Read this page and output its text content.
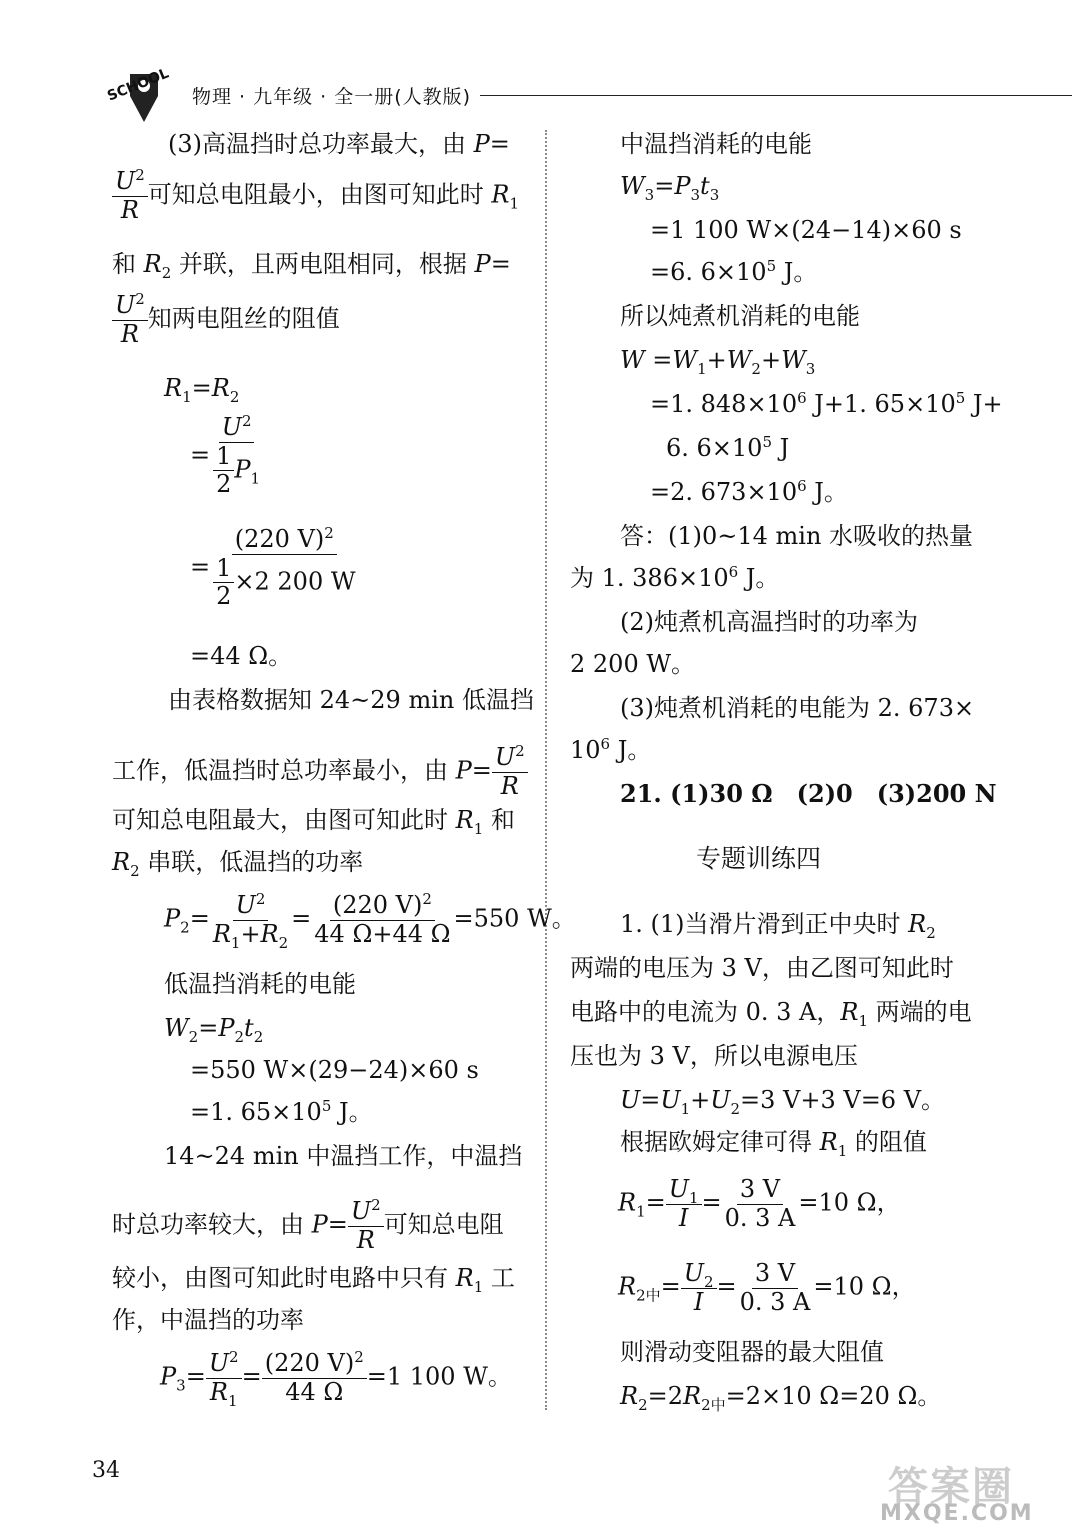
SCHOOL 物理 · 九年级 · 全一册(人教版)
(3)高温挡时总功率最大，由 P=
$\frac{U^2}{R}$ 可知总电阻最小，由图可知此时 $R_1$
和 $R_2$ 并联，且两电阻相同，根据 P=
$\frac{U^2}{R}$ 知两电阻丝的阻值
$R_1=R_2$
= $\frac{U^2}{\frac{1}{2} P_1}$
= $\frac{(220 V)^2}{\frac{1}{2} \times 2 200 W}$
=44 Ω。
由表格数据知 24~29 min 低温挡
工作，低温挡时总功率最小，由 $P= \frac{U^2}{R}$
可知总电阻最大，由图可知此时 $R_1$ 和
$R_2$ 串联，低温挡的功率
$P_2= \frac{U^2}{R_1+R_2} = \frac{(220 V)^2}{44 \Omega+44 \Omega} =550$ W。
低温挡消耗的电能
$W_2=P_2t_2$
=550 W×(29−24)×60 s
=1. $65\times 10^5$ J。
14~24 min 中温挡工作，中温挡
时总功率较大，由 $P= \frac{U^2}{R}$ 可知总电阻
较小，由图可知此时电路中只有 $R_1$ 工
作，中温挡的功率
$P_3= \frac{U^2}{R_1} = \frac{(220 V)^2}{44 \Omega} =1$ 100 W。
中温挡消耗的电能
$W_3=P_3t_3$
=1 100 W×(24−14)×60 s
=6. $6\times 10^5$ J。
所以炖煮机消耗的电能
$W =W_1+W_2+W_3$
=1. $848\times 10^6$ J+1. $65\times 10^5$ J+
6. $6\times 10^5$ J
=2. $673\times 10^6$ J。
答：(1)0~14 min 水吸收的热量
为 1. $386\times 10^6$ J。
(2)炖煮机高温挡时的功率为
2 200 W。
(3)炖煮机消耗的电能为 2. 673×
$10^6$ J。
21. (1)30 Ω　(2)0　(3)200 N
专题训练四
1. (1)当滑片滑到正中央时 $R_2$
两端的电压为 3 V，由乙图可知此时
电路中的电流为 0. 3 A，$R_1$ 两端的电
压也为 3 V，所以电源电压
$U=U_1+U_2=3$ V+3 V=6 V。
根据欧姆定律可得 $R_1$ 的阻值
$R_1= \frac{U_1}{I} = \frac{3 V}{0. 3 A} =10$ Ω，
$R_{2中}= \frac{U_2}{I} = \frac{3 V}{0. 3 A} =10$ Ω，
则滑动变阻器的最大阻值
$R_2=2R_{2中}=2\times 10$ Ω=20 Ω。
34	答案圈
MXQE.COM
